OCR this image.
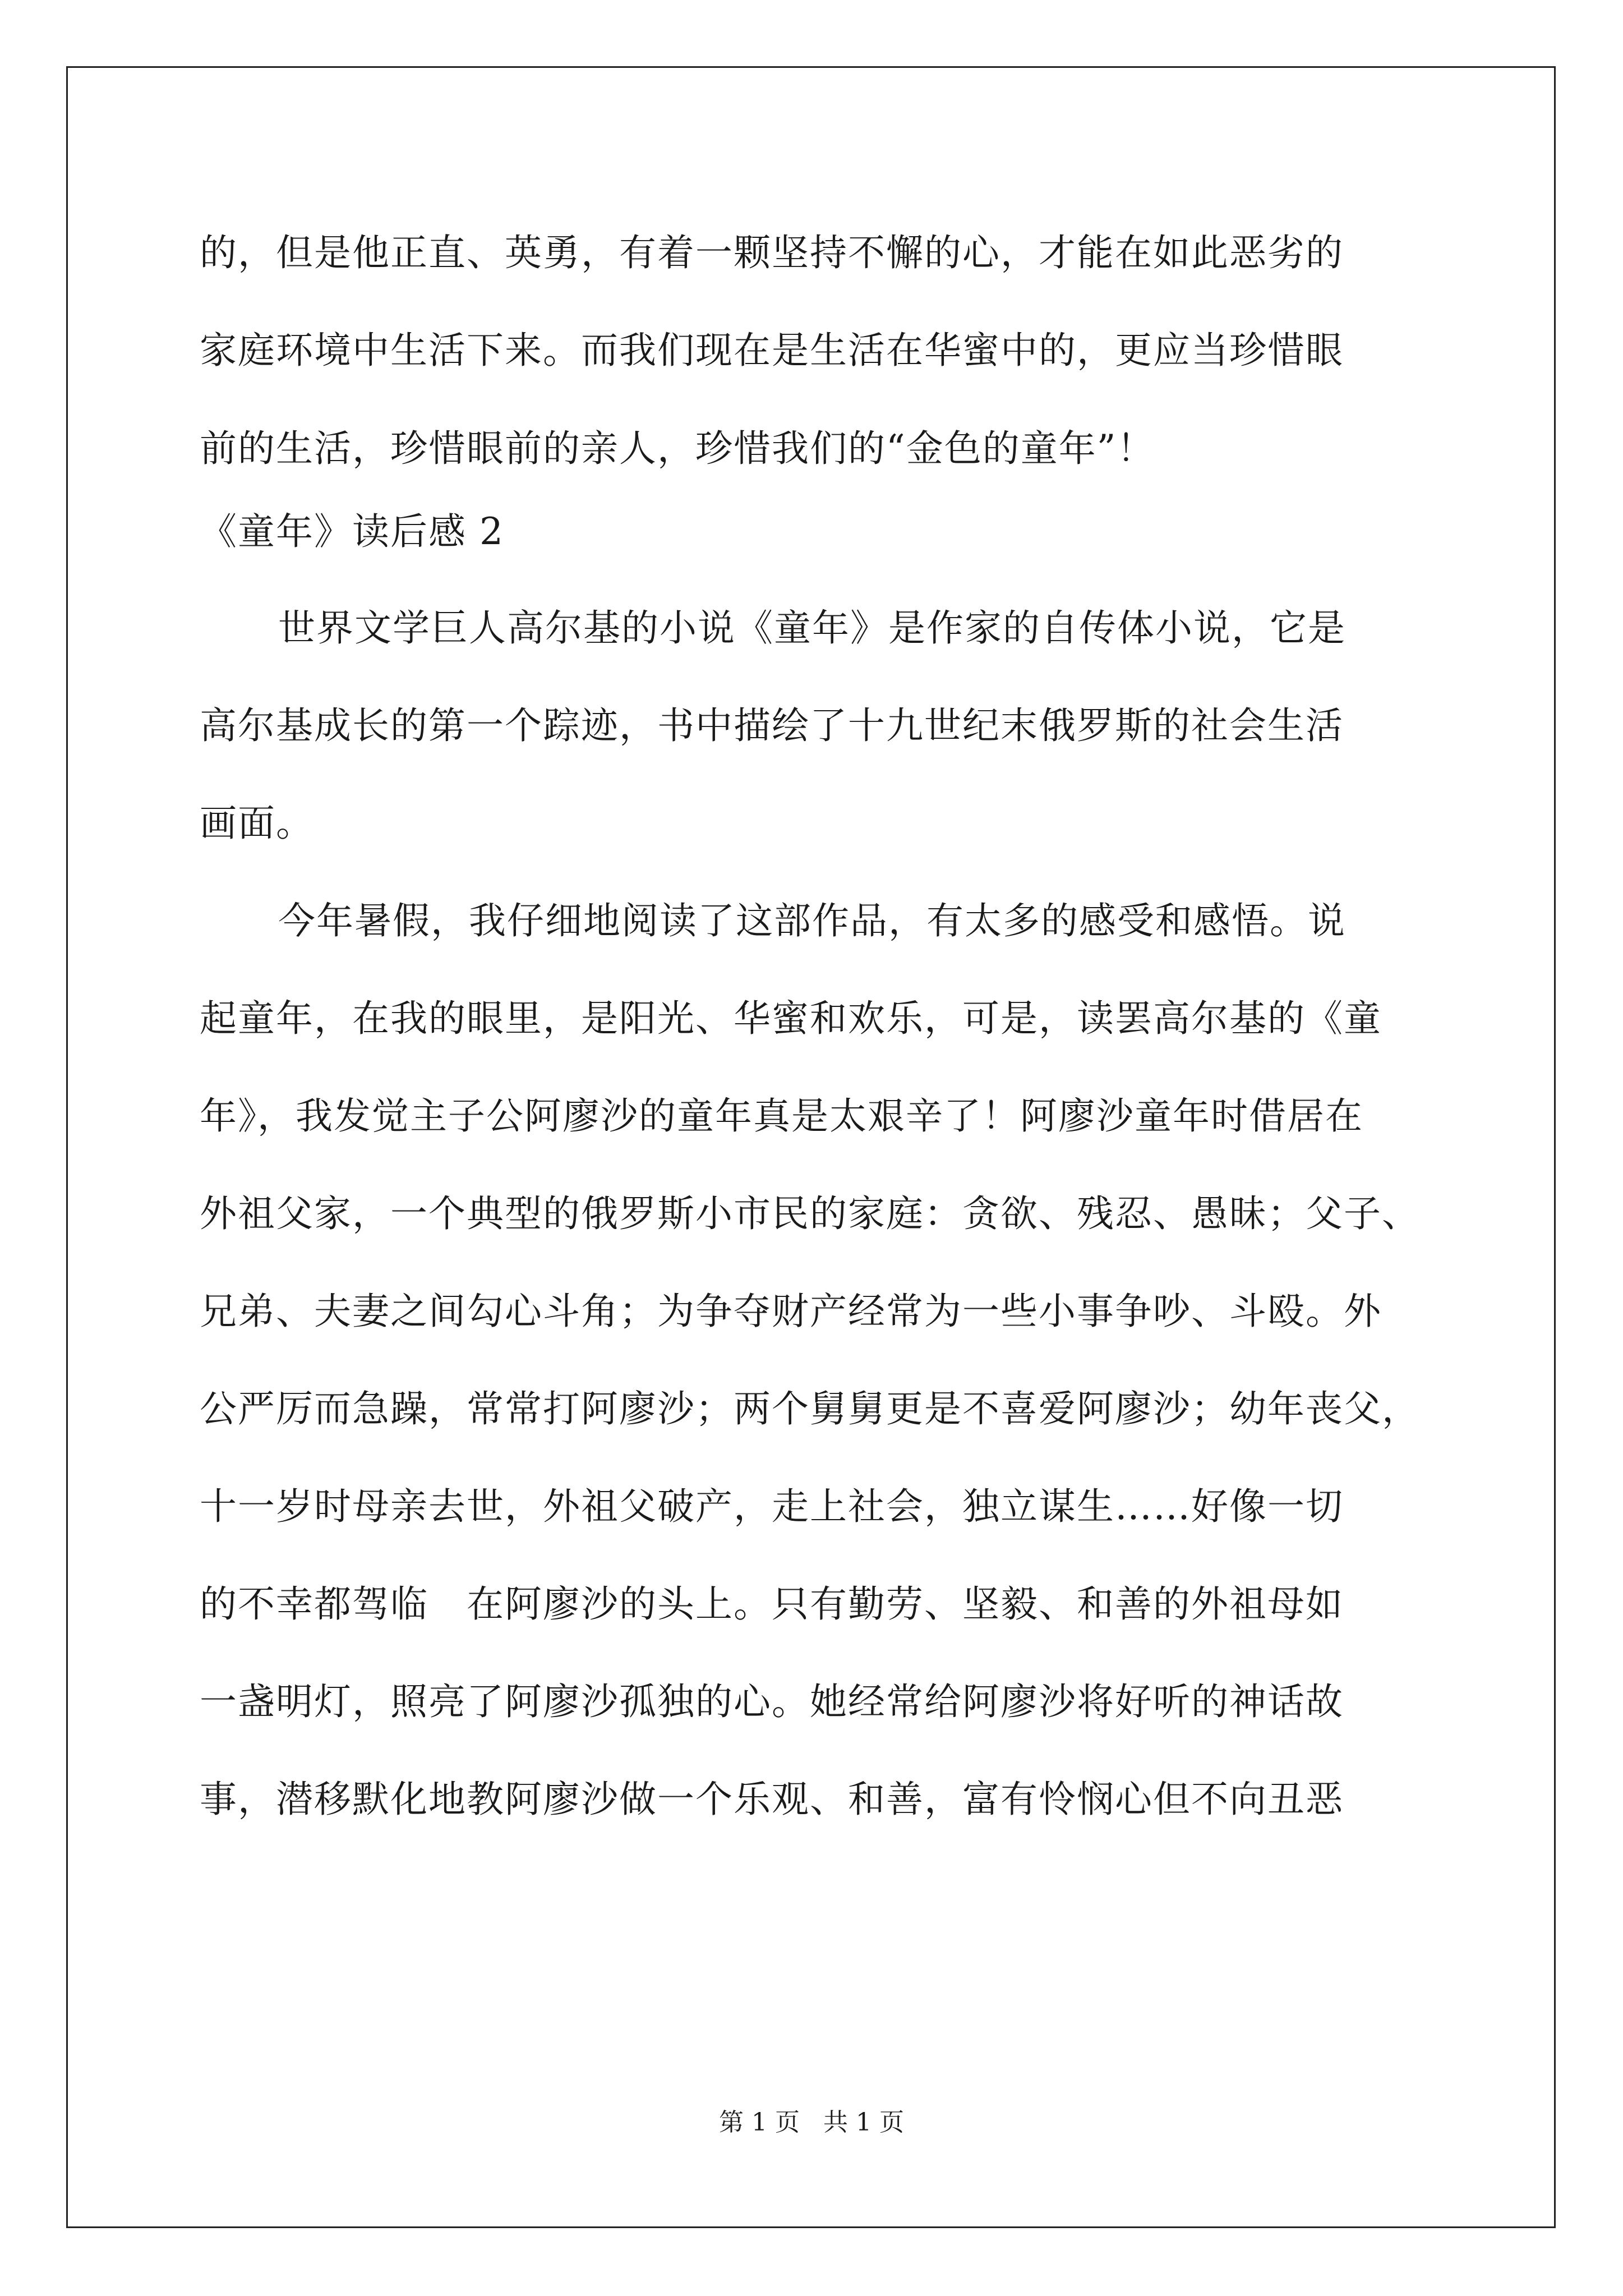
的，但是他正直、英勇，有着一颗坚持不懈的心，才能在如此恶劣的
家庭环境中生活下来。而我们现在是生活在华蜜中的，更应当珍惜眼
前的生活，珍惜眼前的亲人，珍惜我们的“金色的童年”！
《童年》读后感 2
世界文学巨人高尔基的小说《童年》是作家的自传体小说，它是
高尔基成长的第一个踪迹，书中描绘了十九世纪末俄罗斯的社会生活
画面。
今年暑假，我仔细地阅读了这部作品，有太多的感受和感悟。说
起童年，在我的眼里，是阳光、华蜜和欢乐，可是，读罢高尔基的《童
年》，我发觉主子公阿廖沙的童年真是太艰辛了！阿廖沙童年时借居在
外祖父家，一个典型的俄罗斯小市民的家庭：贪欲、残忍、愚昧；父子、
兄弟、夫妻之间勾心斗角；为争夺财产经常为一些小事争吵、斗殴。外
公严厉而急躁，常常打阿廖沙；两个舅舅更是不喜爱阿廖沙；幼年丧父，
十一岁时母亲去世，外祖父破产，走上社会，独立谋生……好像一切
的不幸都驾临　在阿廖沙的头上。只有勤劳、坚毅、和善的外祖母如
一盏明灯，照亮了阿廖沙孤独的心。她经常给阿廖沙将好听的神话故
事，潜移默化地教阿廖沙做一个乐观、和善，富有怜悯心但不向丑恶
第 1 页 共 1 页
